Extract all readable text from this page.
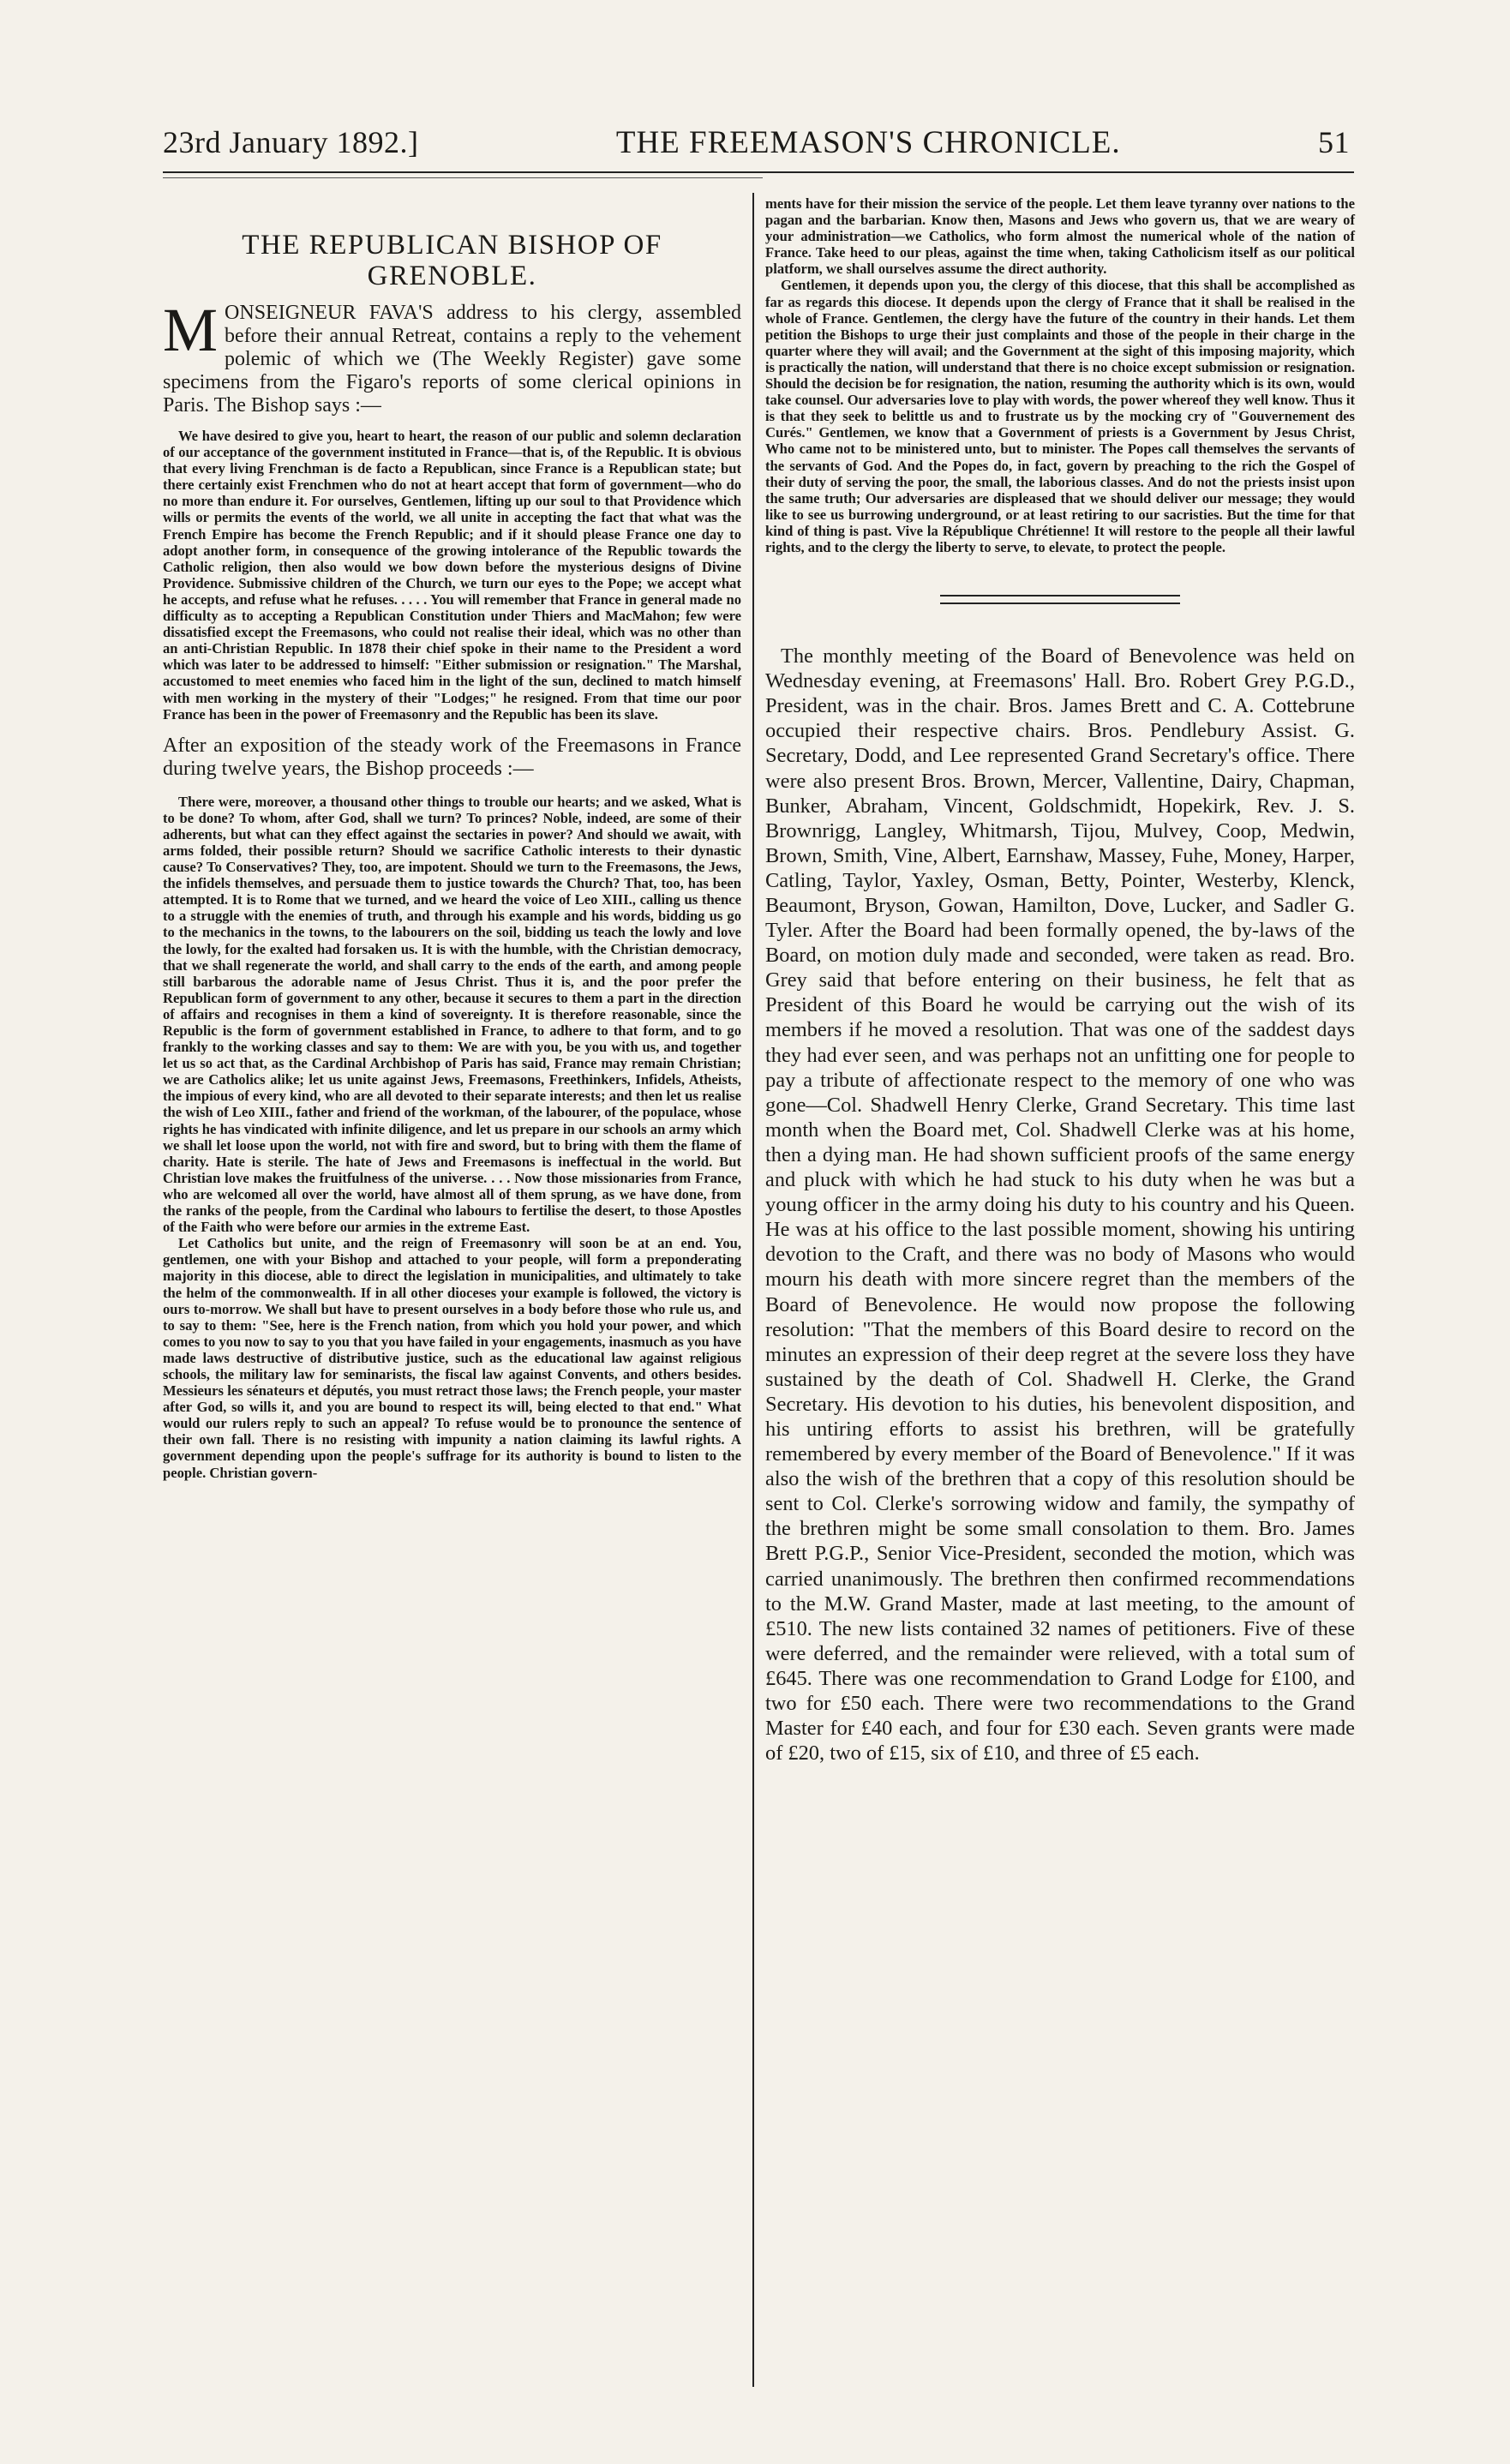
23rd January 1892.]	THE FREEMASON'S CHRONICLE.	51
THE REPUBLICAN BISHOP OF GRENOBLE.
MONSEIGNEUR FAVA'S address to his clergy, assembled before their annual Retreat, contains a reply to the vehement polemic of which we (The Weekly Register) gave some specimens from the Figaro's reports of some clerical opinions in Paris. The Bishop says :—

We have desired to give you, heart to heart, the reason of our public and solemn declaration of our acceptance of the government instituted in France—that is, of the Republic. It is obvious that every living Frenchman is de facto a Republican, since France is a Republican state; but there certainly exist Frenchmen who do not at heart accept that form of government—who do no more than endure it. For ourselves, Gentlemen, lifting up our soul to that Providence which wills or permits the events of the world, we all unite in accepting the fact that what was the French Empire has become the French Republic; and if it should please France one day to adopt another form, in consequence of the growing intolerance of the Republic towards the Catholic religion, then also would we bow down before the mysterious designs of Divine Providence. Submissive children of the Church, we turn our eyes to the Pope; we accept what he accepts, and refuse what he refuses. . . . . You will remember that France in general made no difficulty as to accepting a Republican Constitution under Thiers and MacMahon; few were dissatisfied except the Freemasons, who could not realise their ideal, which was no other than an anti-Christian Republic. In 1878 their chief spoke in their name to the President a word which was later to be addressed to himself: "Either submission or resignation." The Marshal, accustomed to meet enemies who faced him in the light of the sun, declined to match himself with men working in the mystery of their "Lodges;" he resigned. From that time our poor France has been in the power of Freemasonry and the Republic has been its slave.

After an exposition of the steady work of the Freemasons in France during twelve years, the Bishop proceeds :—

There were, moreover, a thousand other things to trouble our hearts; and we asked, What is to be done? To whom, after God, shall we turn? To princes? Noble, indeed, are some of their adherents, but what can they effect against the sectaries in power? And should we await, with arms folded, their possible return? Should we sacrifice Catholic interests to their dynastic cause? To Conservatives? They, too, are impotent. Should we turn to the Freemasons, the Jews, the infidels themselves, and persuade them to justice towards the Church? That, too, has been attempted. It is to Rome that we turned, and we heard the voice of Leo XIII., calling us thence to a struggle with the enemies of truth, and through his example and his words, bidding us go to the mechanics in the towns, to the labourers on the soil, bidding us teach the lowly and love the lowly, for the exalted had forsaken us. It is with the humble, with the Christian democracy, that we shall regenerate the world, and shall carry to the ends of the earth, and among people still barbarous the adorable name of Jesus Christ. Thus it is, and the poor prefer the Republican form of government to any other, because it secures to them a part in the direction of affairs and recognises in them a kind of sovereignty. It is therefore reasonable, since the Republic is the form of government established in France, to adhere to that form, and to go frankly to the working classes and say to them: We are with you, be you with us, and together let us so act that, as the Cardinal Archbishop of Paris has said, France may remain Christian; we are Catholics alike; let us unite against Jews, Freemasons, Freethinkers, Infidels, Atheists, the impious of every kind, who are all devoted to their separate interests; and then let us realise the wish of Leo XIII., father and friend of the workman, of the labourer, of the populace, whose rights he has vindicated with infinite diligence, and let us prepare in our schools an army which we shall let loose upon the world, not with fire and sword, but to bring with them the flame of charity. Hate is sterile. The hate of Jews and Freemasons is ineffectual in the world. But Christian love makes the fruitfulness of the universe. . . . Now those missionaries from France, who are welcomed all over the world, have almost all of them sprung, as we have done, from the ranks of the people, from the Cardinal who labours to fertilise the desert, to those Apostles of the Faith who were before our armies in the extreme East.

Let Catholics but unite, and the reign of Freemasonry will soon be at an end. You, gentlemen, one with your Bishop and attached to your people, will form a preponderating majority in this diocese, able to direct the legislation in municipalities, and ultimately to take the helm of the commonwealth. If in all other dioceses your example is followed, the victory is ours to-morrow. We shall but have to present ourselves in a body before those who rule us, and to say to them: "See, here is the French nation, from which you hold your power, and which comes to you now to say to you that you have failed in your engagements, inasmuch as you have made laws destructive of distributive justice, such as the educational law against religious schools, the military law for seminarists, the fiscal law against Convents, and others besides. Messieurs les sénateurs et députés, you must retract those laws; the French people, your master after God, so wills it, and you are bound to respect its will, being elected to that end." What would our rulers reply to such an appeal? To refuse would be to pronounce the sentence of their own fall. There is no resisting with impunity a nation claiming its lawful rights. A government depending upon the people's suffrage for its authority is bound to listen to the people. Christian govern-

ments have for their mission the service of the people. Let them leave tyranny over nations to the pagan and the barbarian. Know then, Masons and Jews who govern us, that we are weary of your administration—we Catholics, who form almost the numerical whole of the nation of France. Take heed to our pleas, against the time when, taking Catholicism itself as our political platform, we shall ourselves assume the direct authority.

Gentlemen, it depends upon you, the clergy of this diocese, that this shall be accomplished as far as regards this diocese. It depends upon the clergy of France that it shall be realised in the whole of France. Gentlemen, the clergy have the future of the country in their hands. Let them petition the Bishops to urge their just complaints and those of the people in their charge in the quarter where they will avail; and the Government at the sight of this imposing majority, which is practically the nation, will understand that there is no choice except submission or resignation. Should the decision be for resignation, the nation, resuming the authority which is its own, would take counsel. Our adversaries love to play with words, the power whereof they well know. Thus it is that they seek to belittle us and to frustrate us by the mocking cry of "Gouvernement des Curés." Gentlemen, we know that a Government of priests is a Government by Jesus Christ, Who came not to be ministered unto, but to minister. The Popes call themselves the servants of the servants of God. And the Popes do, in fact, govern by preaching to the rich the Gospel of their duty of serving the poor, the small, the laborious classes. And do not the priests insist upon the same truth; Our adversaries are displeased that we should deliver our message; they would like to see us burrowing underground, or at least retiring to our sacristies. But the time for that kind of thing is past. Vive la République Chrétienne! It will restore to the people all their lawful rights, and to the clergy the liberty to serve, to elevate, to protect the people.

The monthly meeting of the Board of Benevolence was held on Wednesday evening, at Freemasons' Hall. Bro. Robert Grey P.G.D., President, was in the chair. Bros. James Brett and C. A. Cottebrune occupied their respective chairs. Bros. Pendlebury Assist. G. Secretary, Dodd, and Lee represented Grand Secretary's office. There were also present Bros. Brown, Mercer, Vallentine, Dairy, Chapman, Bunker, Abraham, Vincent, Goldschmidt, Hopekirk, Rev. J. S. Brownrigg, Langley, Whitmarsh, Tijou, Mulvey, Coop, Medwin, Brown, Smith, Vine, Albert, Earnshaw, Massey, Fuhe, Money, Harper, Catling, Taylor, Yaxley, Osman, Betty, Pointer, Westerby, Klenck, Beaumont, Bryson, Gowan, Hamilton, Dove, Lucker, and Sadler G. Tyler. After the Board had been formally opened, the by-laws of the Board, on motion duly made and seconded, were taken as read. Bro. Grey said that before entering on their business, he felt that as President of this Board he would be carrying out the wish of its members if he moved a resolution. That was one of the saddest days they had ever seen, and was perhaps not an unfitting one for people to pay a tribute of affectionate respect to the memory of one who was gone—Col. Shadwell Henry Clerke, Grand Secretary. This time last month when the Board met, Col. Shadwell Clerke was at his home, then a dying man. He had shown sufficient proofs of the same energy and pluck with which he had stuck to his duty when he was but a young officer in the army doing his duty to his country and his Queen. He was at his office to the last possible moment, showing his untiring devotion to the Craft, and there was no body of Masons who would mourn his death with more sincere regret than the members of the Board of Benevolence. He would now propose the following resolution: "That the members of this Board desire to record on the minutes an expression of their deep regret at the severe loss they have sustained by the death of Col. Shadwell H. Clerke, the Grand Secretary. His devotion to his duties, his benevolent disposition, and his untiring efforts to assist his brethren, will be gratefully remembered by every member of the Board of Benevolence." If it was also the wish of the brethren that a copy of this resolution should be sent to Col. Clerke's sorrowing widow and family, the sympathy of the brethren might be some small consolation to them. Bro. James Brett P.G.P., Senior Vice-President, seconded the motion, which was carried unanimously. The brethren then confirmed recommendations to the M.W. Grand Master, made at last meeting, to the amount of £510. The new lists contained 32 names of petitioners. Five of these were deferred, and the remainder were relieved, with a total sum of £645. There was one recommendation to Grand Lodge for £100, and two for £50 each. There were two recommendations to the Grand Master for £40 each, and four for £30 each. Seven grants were made of £20, two of £15, six of £10, and three of £5 each.
